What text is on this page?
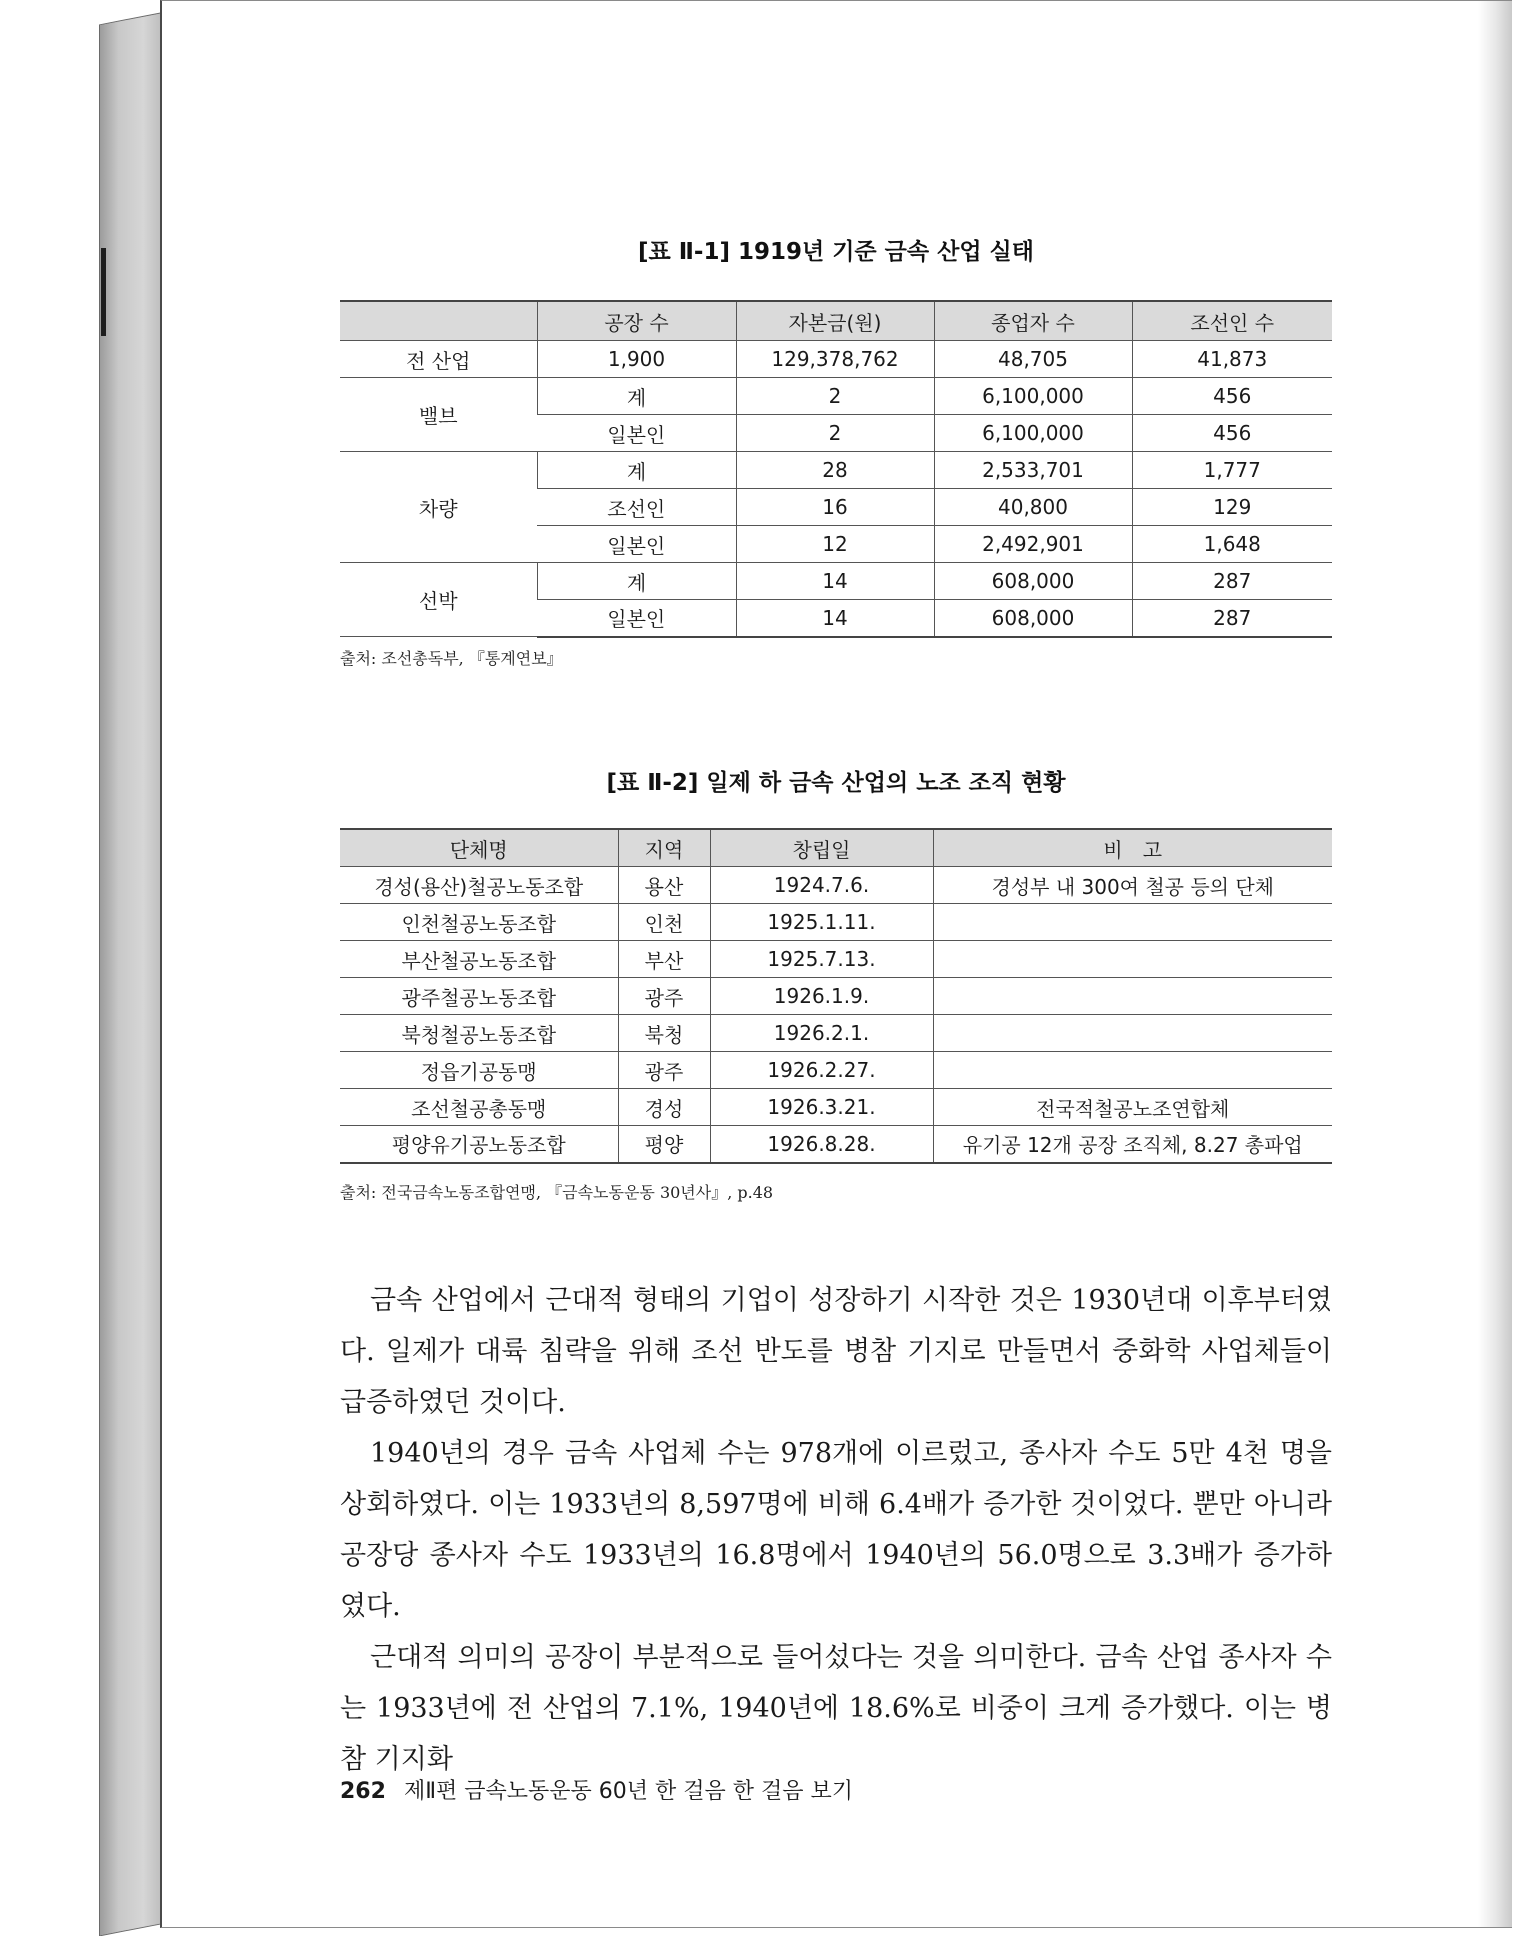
[표 Ⅱ-1] 1919년 기준 금속 산업 실태
	공장 수	자본금(원)	종업자 수	조선인 수
전 산업	1,900	129,378,762	48,705	41,873
밸브	계	2	6,100,000	456
	일본인	2	6,100,000	456
차량	계	28	2,533,701	1,777
	조선인	16	40,800	129
	일본인	12	2,492,901	1,648
선박	계	14	608,000	287
	일본인	14	608,000	287
출처: 조선총독부, 『통계연보』
[표 Ⅱ-2] 일제 하 금속 산업의 노조 조직 현황
단체명	지역	창립일	비　고
경성(용산)철공노동조합	용산	1924.7.6.	경성부 내 300여 철공 등의 단체
인천철공노동조합	인천	1925.1.11.	
부산철공노동조합	부산	1925.7.13.	
광주철공노동조합	광주	1926.1.9.	
북청철공노동조합	북청	1926.2.1.	
정읍기공동맹	광주	1926.2.27.	
조선철공총동맹	경성	1926.3.21.	전국적철공노조연합체
평양유기공노동조합	평양	1926.8.28.	유기공 12개 공장 조직체, 8.27 총파업
출처: 전국금속노동조합연맹, 『금속노동운동 30년사』, p.48

금속 산업에서 근대적 형태의 기업이 성장하기 시작한 것은 1930년대 이후부터였다. 일제가 대륙 침략을 위해 조선 반도를 병참 기지로 만들면서 중화학 사업체들이 급증하였던 것이다.

1940년의 경우 금속 사업체 수는 978개에 이르렀고, 종사자 수도 5만 4천 명을 상회하였다. 이는 1933년의 8,597명에 비해 6.4배가 증가한 것이었다. 뿐만 아니라 공장당 종사자 수도 1933년의 16.8명에서 1940년의 56.0명으로 3.3배가 증가하였다.

근대적 의미의 공장이 부분적으로 들어섰다는 것을 의미한다. 금속 산업 종사자 수는 1933년에 전 산업의 7.1%, 1940년에 18.6%로 비중이 크게 증가했다. 이는 병참 기지화

262 제Ⅱ편 금속노동운동 60년 한 걸음 한 걸음 보기
